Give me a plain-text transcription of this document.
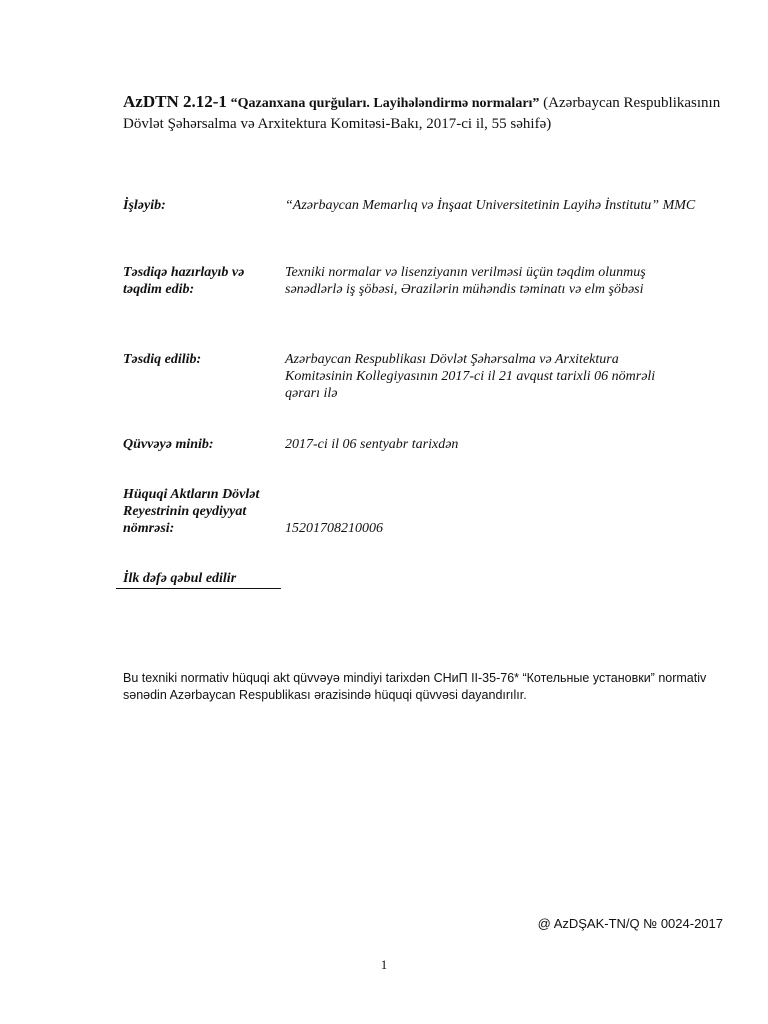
AzDTN 2.12-1 “Qazanxana qurğuları. Layihələndirmə normaları” (Azərbaycan Respublikasının Dövlət Şəhərsalma və Arxitektura Komitəsi-Bakı, 2017-ci il, 55 səhifə)
İşləyib:	“Azərbaycan Memarlıq və İnşaat Universitetinin Layihə İnstitutu” MMC
Təsdiqə hazırlayıb və təqdim edib:
Texniki normalar və lisenziyanın verilməsi üçün təqdim olunmuş sənədlərlə iş şöbəsi, Ərazilərin mühəndis təminatı və elm şöbəsi
Təsdiq edilib:	Azərbaycan Respublikası Dövlət Şəhərsalma və Arxitektura Komitəsinin Kollegiyasının 2017-ci il 21 avqust tarixli 06 nömrəli qərarı ilə
Qüvvəyə minib:	2017-ci il 06 sentyabr tarixdən
Hüquqi Aktların Dövlət Reyestrinin qeydiyyat nömrəsi:	15201708210006
İlk dəfə qəbul edilir
Bu texniki normativ hüquqi akt qüvvəyə mindiyi tarixdən СНиП II-35-76* “Котельные установки” normativ sənədin Azərbaycan Respublikası ərazisində hüquqi qüvvəsi dayandırılır.
@ AzDŞAK-TN/Q № 0024-2017
1
